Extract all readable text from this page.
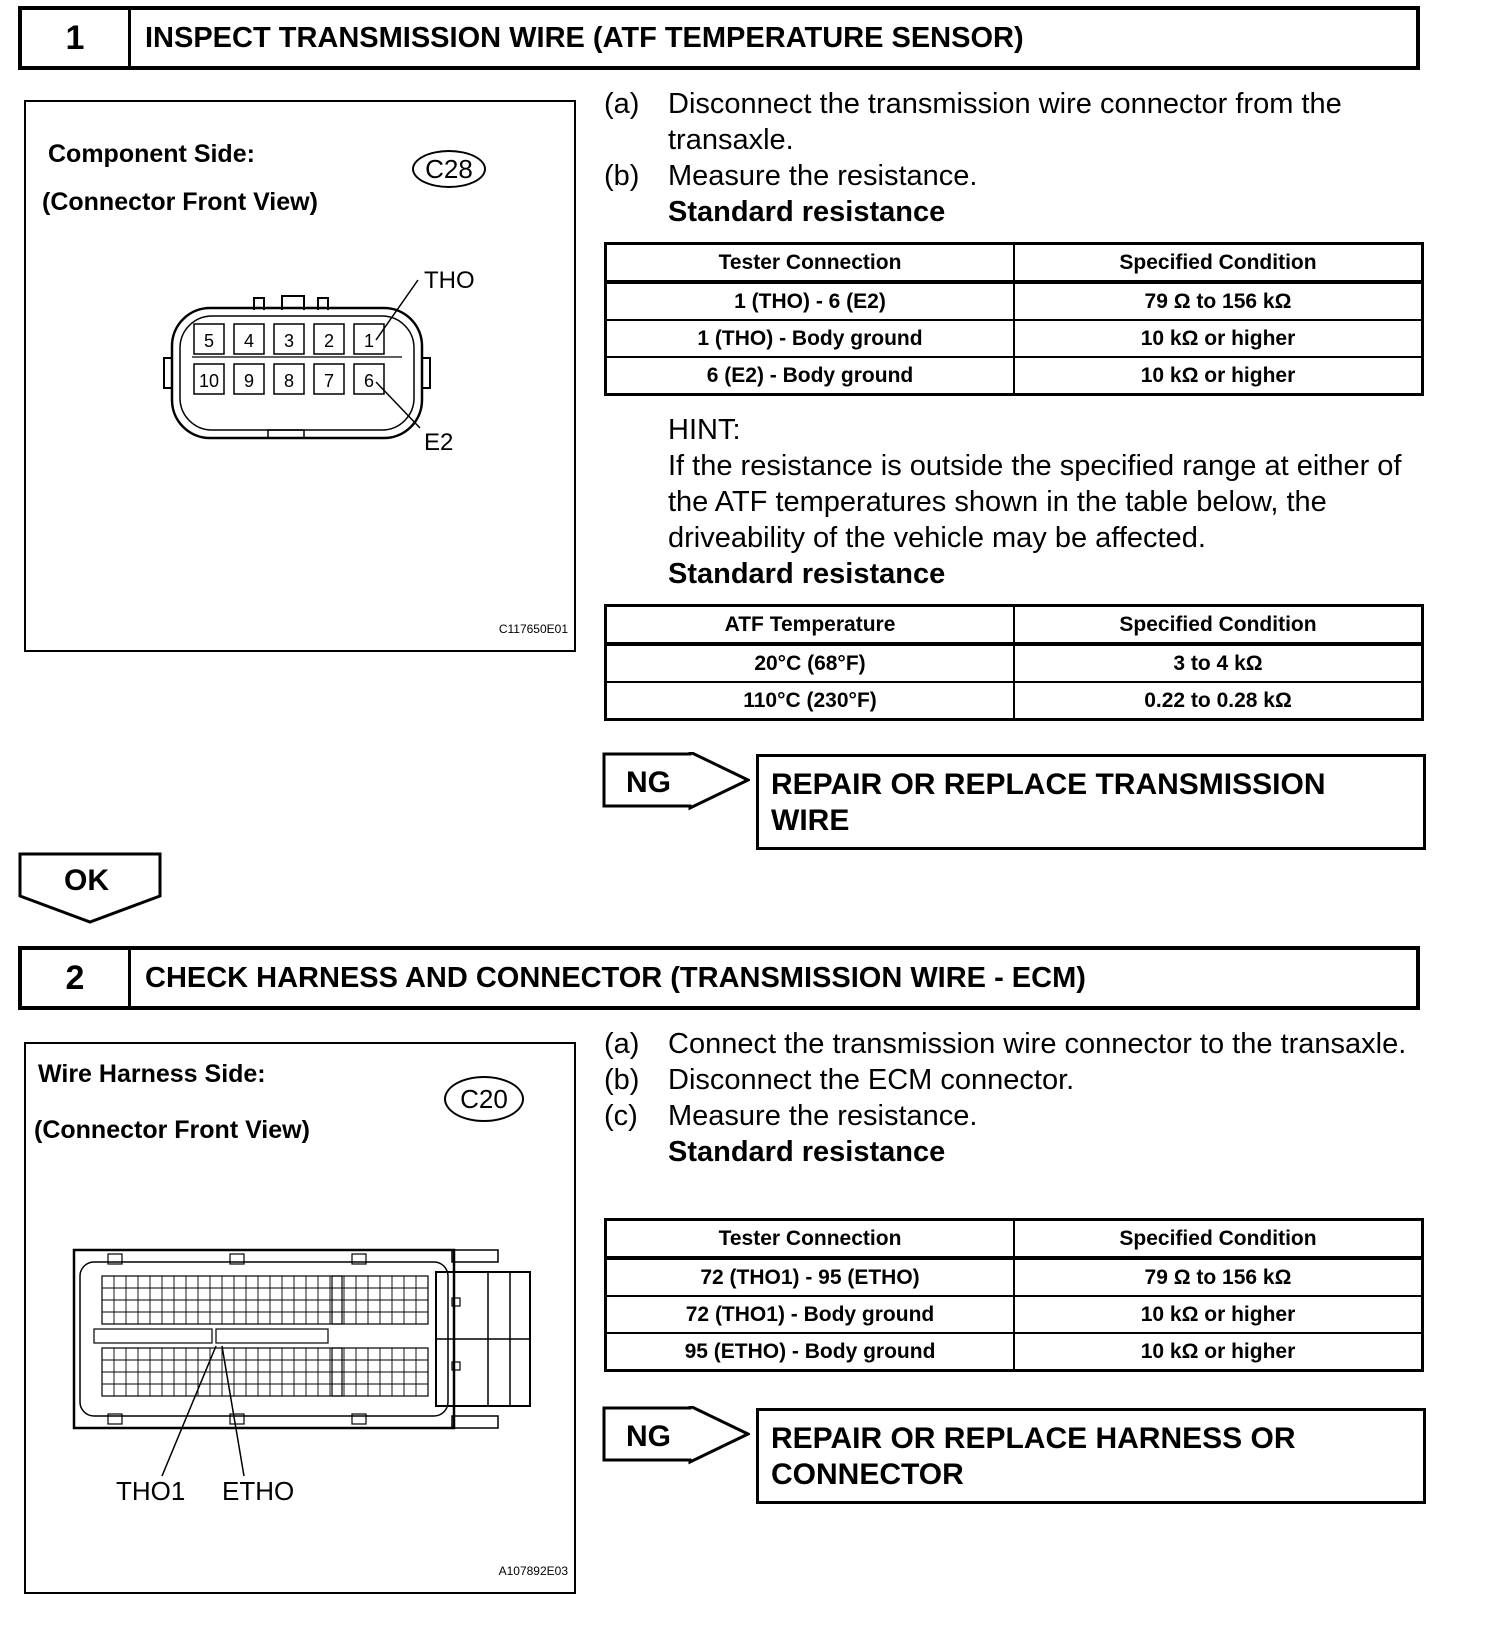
1	INSPECT TRANSMISSION WIRE (ATF TEMPERATURE SENSOR)
Component Side:
(Connector Front View)
C28
5 4 3 2 1
10 9 8 7 6
THO
E2
C117650E01
(a) Disconnect the transmission wire connector from the transaxle.
(b) Measure the resistance.
Standard resistance
Tester Connection	Specified Condition
1 (THO) - 6 (E2)	79 Ω to 156 kΩ
1 (THO) - Body ground	10 kΩ or higher
6 (E2) - Body ground	10 kΩ or higher
HINT:
If the resistance is outside the specified range at either of the ATF temperatures shown in the table below, the driveability of the vehicle may be affected.
Standard resistance
ATF Temperature	Specified Condition
20°C (68°F)	3 to 4 kΩ
110°C (230°F)	0.22 to 0.28 kΩ
NG	REPAIR OR REPLACE TRANSMISSION WIRE
OK
2	CHECK HARNESS AND CONNECTOR (TRANSMISSION WIRE - ECM)
Wire Harness Side:
(Connector Front View)
C20
THO1 ETHO
A107892E03
(a) Connect the transmission wire connector to the transaxle.
(b) Disconnect the ECM connector.
(c)	Measure the resistance.
Standard resistance
Tester Connection	Specified Condition
72 (THO1) - 95 (ETHO)	79 Ω to 156 kΩ
72 (THO1) - Body ground	10 kΩ or higher
95 (ETHO) - Body ground	10 kΩ or higher
NG	REPAIR OR REPLACE HARNESS OR CONNECTOR
